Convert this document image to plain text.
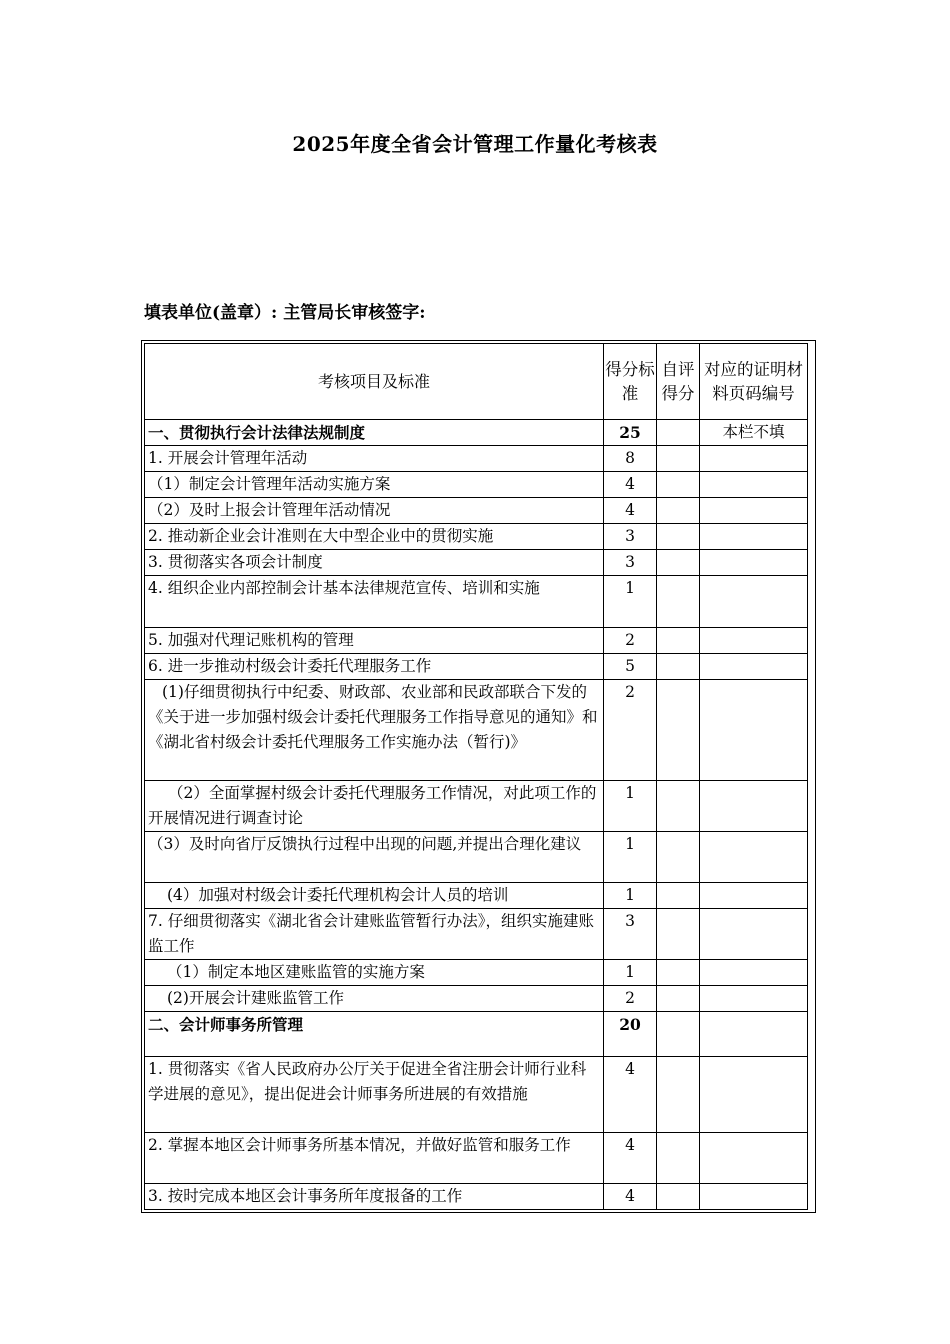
2025年度全省会计管理工作量化考核表
填表单位(盖章）: 主管局长审核签字:
考核项目及标准	得分标准	自评得分	对应的证明材料页码编号
一、贯彻执行会计法律法规制度	25		本栏不填
1. 开展会计管理年活动	8		
（1）制定会计管理年活动实施方案	4		
（2）及时上报会计管理年活动情况	4		
2. 推动新企业会计准则在大中型企业中的贯彻实施	3		
3. 贯彻落实各项会计制度	3		
4. 组织企业内部控制会计基本法律规范宣传、培训和实施	1		
5. 加强对代理记账机构的管理	2		
6. 进一步推动村级会计委托代理服务工作	5		
(1)仔细贯彻执行中纪委、财政部、农业部和民政部联合下发的《关于进一步加强村级会计委托代理服务工作指导意见的通知》和《湖北省村级会计委托代理服务工作实施办法（暂行)》	2		
（2）全面掌握村级会计委托代理服务工作情况，对此项工作的开展情况进行调查讨论	1		
（3）及时向省厅反馈执行过程中出现的问题,并提出合理化建议	1		
(4）加强对村级会计委托代理机构会计人员的培训	1		
7. 仔细贯彻落实《湖北省会计建账监管暂行办法》，组织实施建账监工作	3		
（1）制定本地区建账监管的实施方案	1		
(2)开展会计建账监管工作	2		
二、会计师事务所管理	20		
1. 贯彻落实《省人民政府办公厅关于促进全省注册会计师行业科学进展的意见》，提出促进会计师事务所进展的有效措施	4		
2. 掌握本地区会计师事务所基本情况，并做好监管和服务工作	4		
3. 按时完成本地区会计事务所年度报备的工作	4		
